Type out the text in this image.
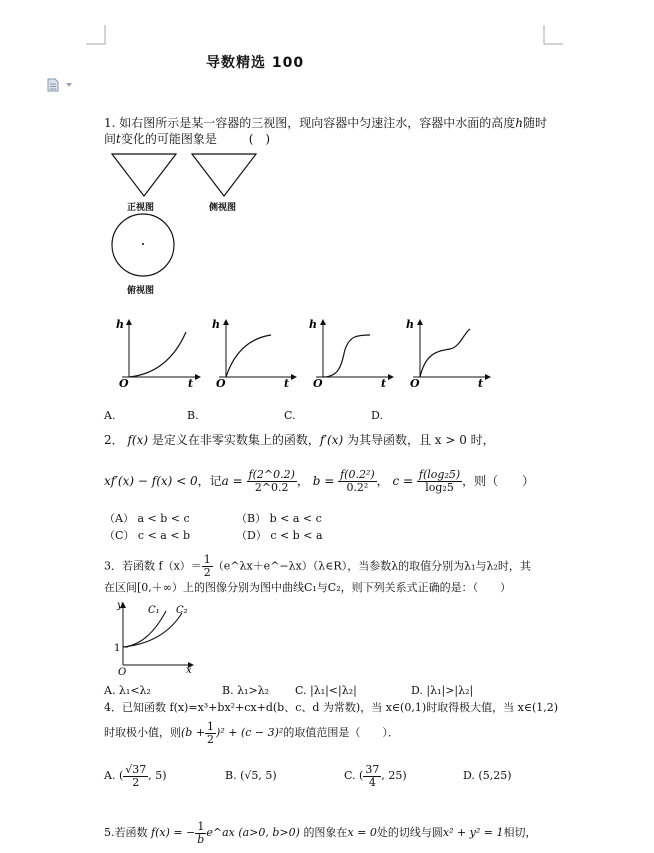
导数精选 100
1. 如右图所示是某一容器的三视图，现向容器中匀速注水，容器中水面的高度h随时
间t变化的可能图象是	(　)
正视图	侧视图
俯视图
h
O	t
h
O	t
h
O	t
h
O	t
A.	B.	C.	D.
2． f(x) 是定义在非零实数集上的函数，f′(x) 为其导函数，且 x > 0 时，
xf′(x) − f(x) < 0，记$a = \frac{f(2\^{}0.2)}{2\^{}0.2}$ ， $b = \frac{\text{f(0.2²)}}{\text{0.2²}}$ ， $c = \frac{\text{f(log₂5)}}{\text{log₂5}}$ ，则（　　）
（A） a < b < c	（B） b < a < c
（C） c < a < b	（D） c < b < a
3．若函数 $f(x)= \frac{1}{2}$ （e^λx＋e^−λx）（λ∈R），当参数λ的取值分别为λ₁与λ₂时，其
在区间[0,＋∞）上的图像分别为图中曲线C₁与C₂，则下列关系式正确的是：（　　）
y
x
O
1
C₁ C₂
A. λ₁<λ₂	B. λ₁>λ₂ C. |λ₁|<|λ₂|	D. |λ₁|>|λ₂|
4．已知函数 f(x)=x³+bx²+cx+d(b、c、d 为常数)，当 x∈(0,1)时取得极大值，当 x∈(1,2)
时取极小值，则$(b + \frac{1}{2} )^2 + (c - 3)^2$的取值范围是（　　）．
A. ( $\frac{√37}{2}$ , 5)	B. (√5, 5)	C. ( $\frac{37}{4}$ , 25)	D. (5,25)
5.若函数 f(x) = − $\frac{1}{b}$ e^ax (a>0, b>0) 的图象在x = 0处的切线与圆x² + y² = 1相切，
